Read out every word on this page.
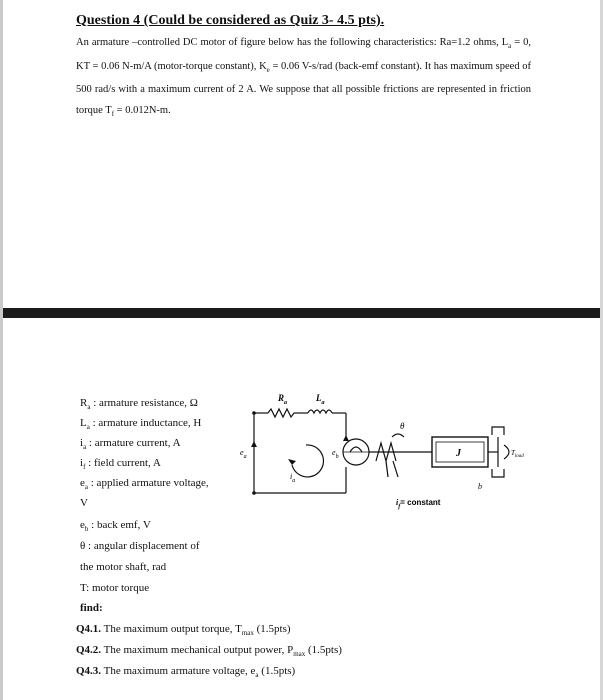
Question 4 (Could be considered as Quiz 3- 4.5 pts).
An armature –controlled DC motor of figure below has the following characteristics: Ra=1.2 ohms, $L_a = 0$, KT = 0.06 N-m/A (motor-torque constant), $K_e = 0.06$ V-s/rad (back-emf constant). It has maximum speed of 500 rad/s with a maximum current of 2 A. We suppose that all possible frictions are represented in friction torque $T_f = 0.012N-m$.
$R_a$ : armature resistance, Ω
$L_a$ : armature inductance, H
$i_a$ : armature current, A
$i_f$ : field current, A
$e_a$ : applied armature voltage,
V
$e_b$ : back emf, V
θ : angular displacement of
the motor shaft, rad
T: motor torque
find:
Q4.1. The maximum output torque, $T_{max}$ (1.5pts)
Q4.2. The maximum mechanical output power, $P_{max}$ (1.5pts)
Q4.3. The maximum armature voltage, $e_a$ (1.5pts)
$R_a$	$L_a$
$e_a$
$i_a$
$e_b$
θ
J	$T_{load}$
b
$i_f=$ constant
